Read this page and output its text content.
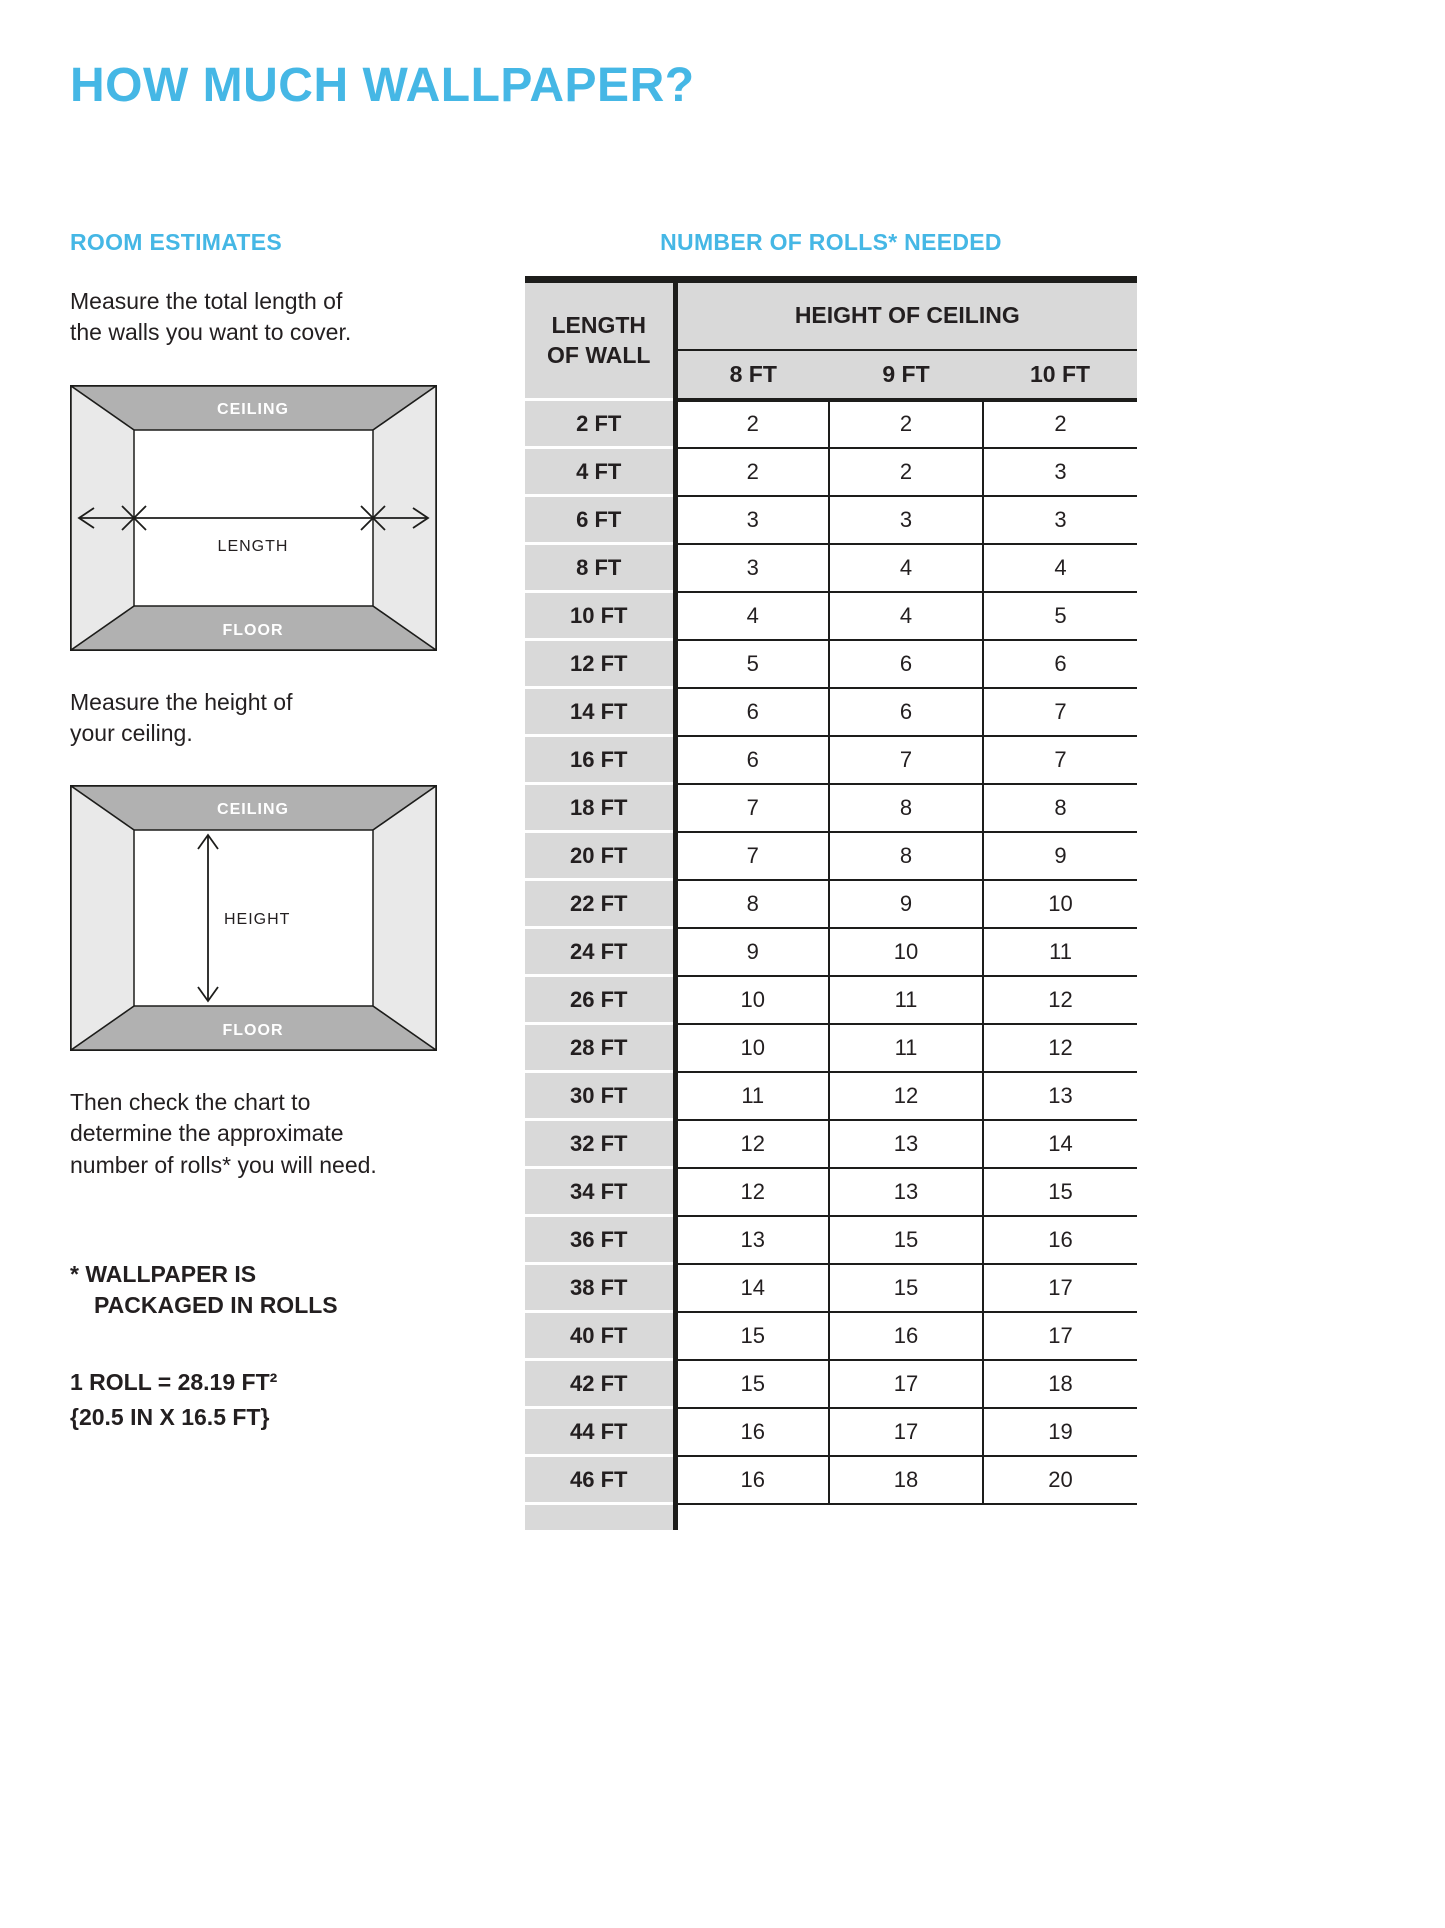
HOW MUCH WALLPAPER?
ROOM ESTIMATES

Measure the total length of
the walls you want to cover.

CEILING
FLOOR
LENGTH

Measure the height of
your ceiling.

CEILING
FLOOR
HEIGHT

Then check the chart to
determine the approximate
number of rolls* you will need.

* WALLPAPER IS
PACKAGED IN ROLLS
1 ROLL = 28.19 FT²
{20.5 IN X 16.5 FT}
NUMBER OF ROLLS* NEEDED
LENGTH
OF WALL	HEIGHT OF CEILING		
	8 FT	9 FT	10 FT
2 FT	2	2	2
4 FT	2	2	3
6 FT	3	3	3
8 FT	3	4	4
10 FT	4	4	5
12 FT	5	6	6
14 FT	6	6	7
16 FT	6	7	7
18 FT	7	8	8
20 FT	7	8	9
22 FT	8	9	10
24 FT	9	10	11
26 FT	10	11	12
28 FT	10	11	12
30 FT	11	12	13
32 FT	12	13	14
34 FT	12	13	15
36 FT	13	15	16
38 FT	14	15	17
40 FT	15	16	17
42 FT	15	17	18
44 FT	16	17	19
46 FT	16	18	20
